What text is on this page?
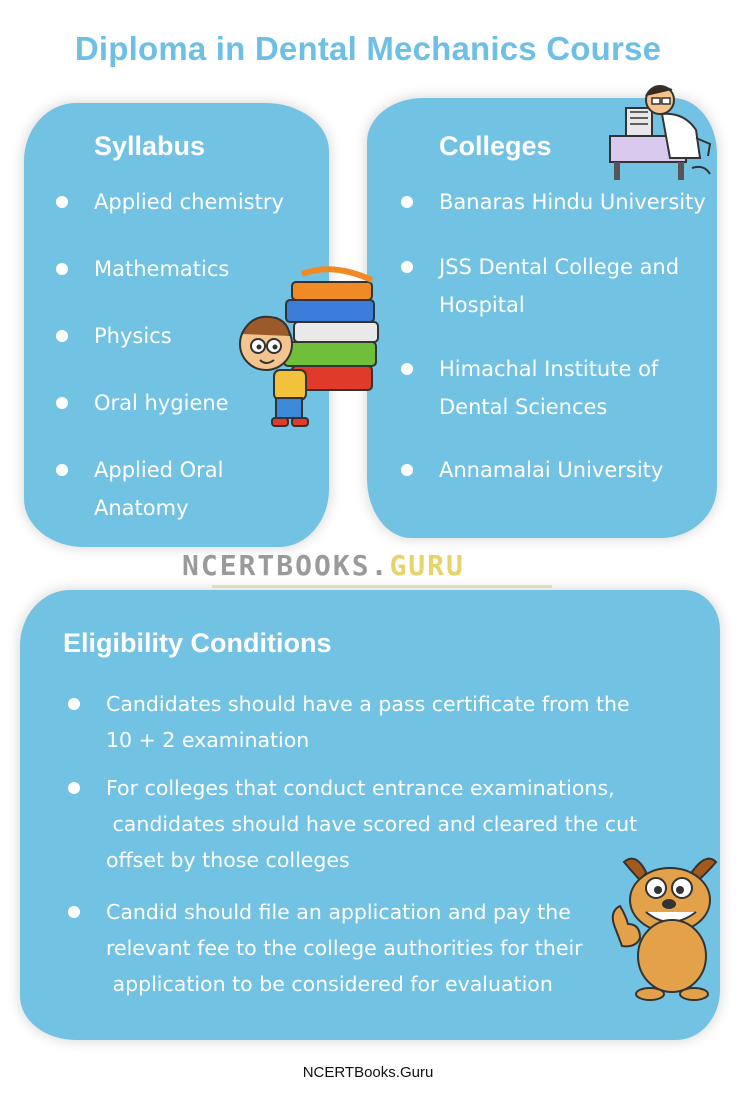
Diploma in Dental Mechanics Course
Syllabus
Applied chemistry
Mathematics
Physics
Oral hygiene
Applied Oral
Anatomy
Colleges
Banaras Hindu University
JSS Dental College and
Hospital
Himachal Institute of
Dental Sciences
Annamalai University
NCERTBOOKS.GURU
Eligibility Conditions
Candidates should have a pass certificate from the
10 + 2 examination
For colleges that conduct entrance examinations,
candidates should have scored and cleared the cut
offset by those colleges
Candid should file an application and pay the
relevant fee to the college authorities for their
application to be considered for evaluation
NCERTBooks.Guru
